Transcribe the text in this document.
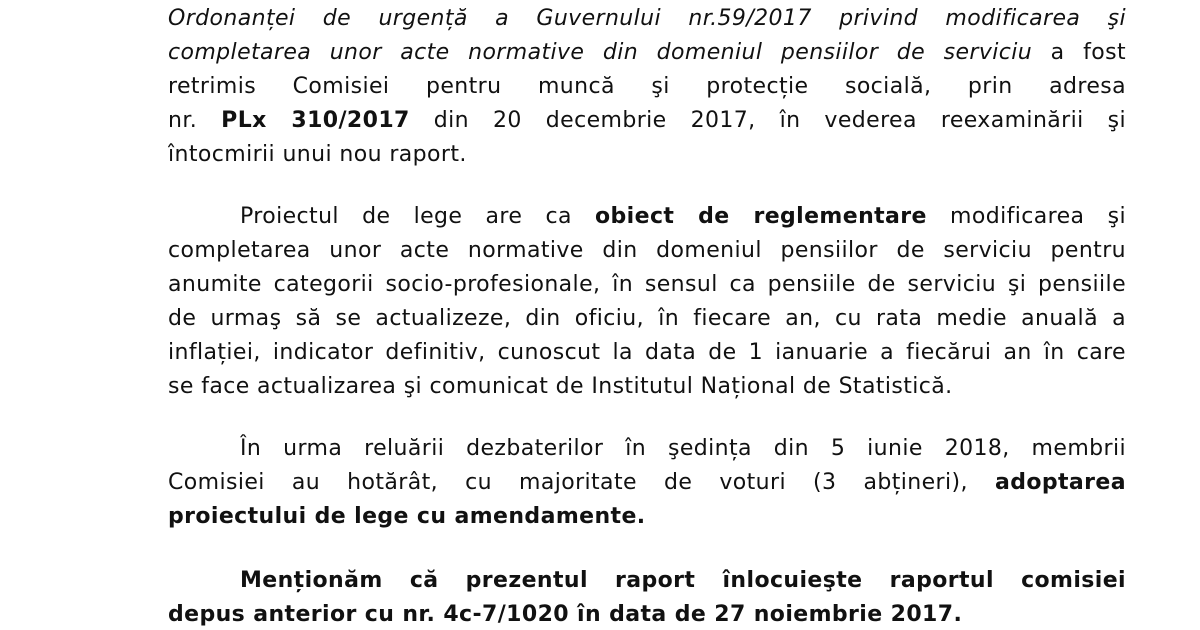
Ordonanței de urgență a Guvernului nr.59/2017 privind modificarea şi
completarea unor acte normative din domeniul pensiilor de serviciu a fost
retrimis Comisiei pentru muncă şi protecție socială, prin adresa
nr. PLx 310/2017 din 20 decembrie 2017, în vederea reexaminării şi
întocmirii unui nou raport.
Proiectul de lege are ca obiect de reglementare modificarea şi
completarea unor acte normative din domeniul pensiilor de serviciu pentru
anumite categorii socio-profesionale, în sensul ca pensiile de serviciu şi pensiile
de urmaş să se actualizeze, din oficiu, în fiecare an, cu rata medie anuală a
inflației, indicator definitiv, cunoscut la data de 1 ianuarie a fiecărui an în care
se face actualizarea şi comunicat de Institutul Național de Statistică.
În urma reluării dezbaterilor în şedința din 5 iunie 2018, membrii
Comisiei au hotărât, cu majoritate de voturi (3 abțineri), adoptarea
proiectului de lege cu amendamente.
Menționăm că prezentul raport înlocuieşte raportul comisiei
depus anterior cu nr. 4c-7/1020 în data de 27 noiembrie 2017.
